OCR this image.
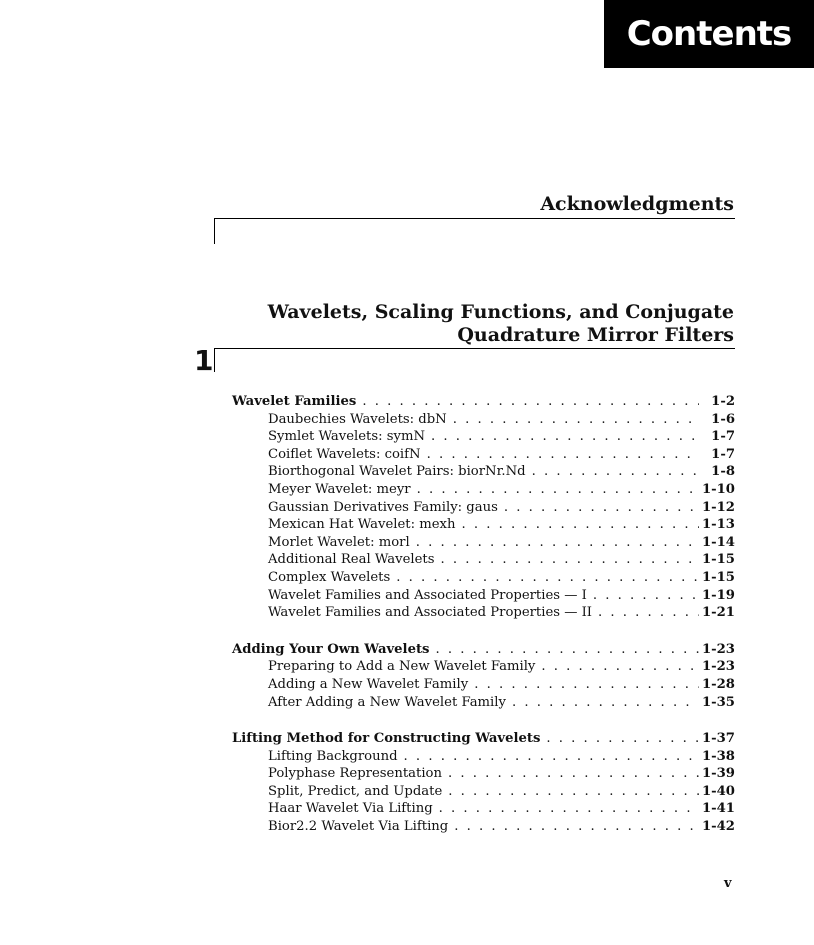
Contents
Acknowledgments
Wavelets, Scaling Functions, and Conjugate
Quadrature Mirror Filters
1
Wavelet Families . . .	1-2
Daubechies Wavelets: dbN . . .	1-6
Symlet Wavelets: symN . . .	1-7
Coiflet Wavelets: coifN . . .	1-7
Biorthogonal Wavelet Pairs: biorNr.Nd . . .	1-8
Meyer Wavelet: meyr . . .	1-10
Gaussian Derivatives Family: gaus . . .	1-12
Mexican Hat Wavelet: mexh . . .	1-13
Morlet Wavelet: morl . . .	1-14
Additional Real Wavelets . . .	1-15
Complex Wavelets . . .	1-15
Wavelet Families and Associated Properties — I . . .	1-19
Wavelet Families and Associated Properties — II . . .	1-21
Adding Your Own Wavelets . . .	1-23
Preparing to Add a New Wavelet Family . . .	1-23
Adding a New Wavelet Family . . .	1-28
After Adding a New Wavelet Family . . .	1-35
Lifting Method for Constructing Wavelets . . .	1-37
Lifting Background . . .	1-38
Polyphase Representation . . .	1-39
Split, Predict, and Update . . .	1-40
Haar Wavelet Via Lifting . . .	1-41
Bior2.2 Wavelet Via Lifting . . .	1-42
v
